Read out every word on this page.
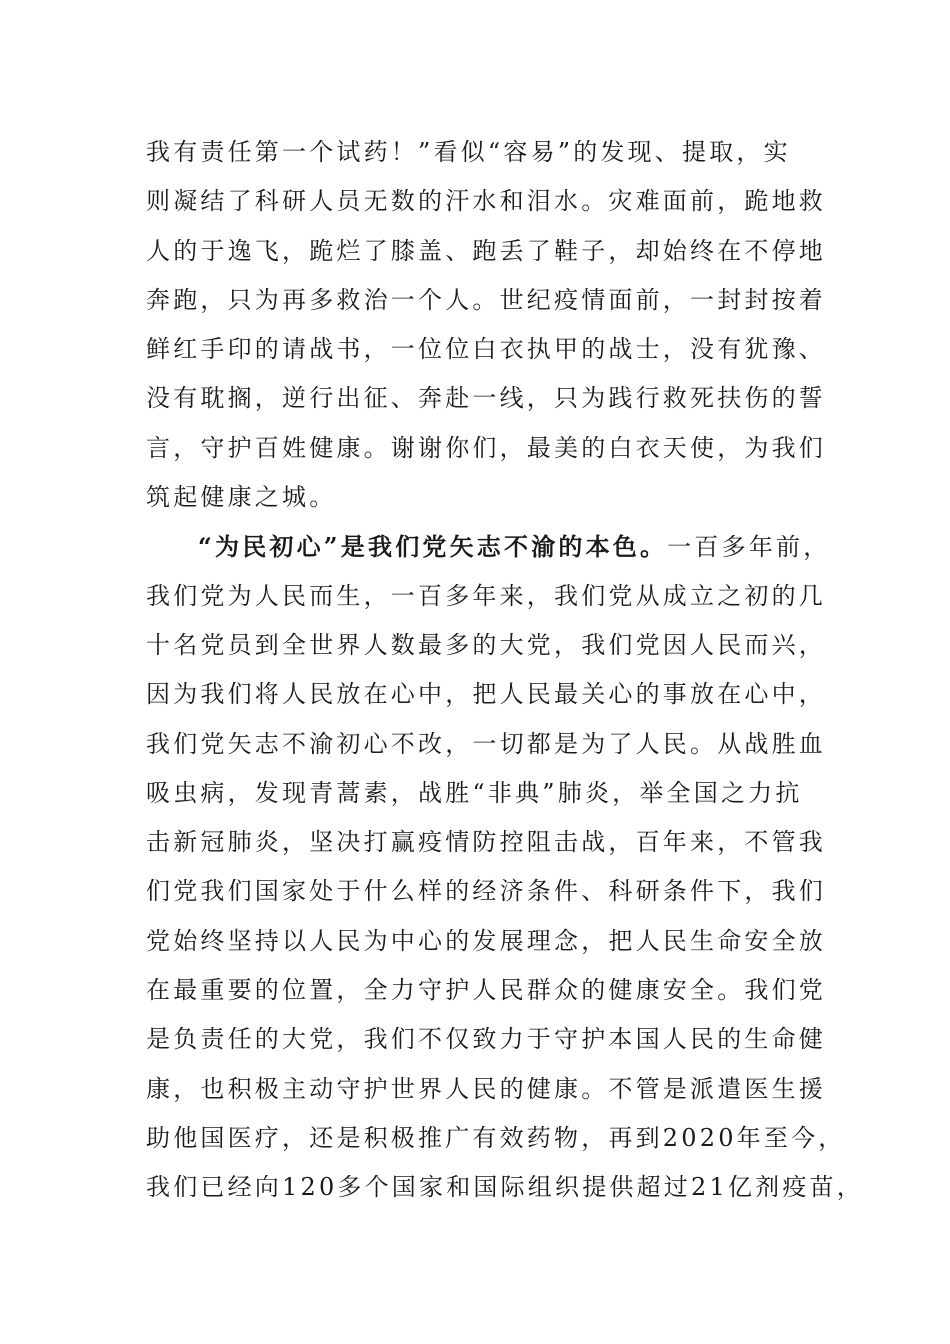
我有责任第一个试药！”看似“容易”的发现、提取，实
则凝结了科研人员无数的汗水和泪水。灾难面前，跪地救
人的于逸飞，跪烂了膝盖、跑丢了鞋子，却始终在不停地
奔跑，只为再多救治一个人。世纪疫情面前，一封封按着
鲜红手印的请战书，一位位白衣执甲的战士，没有犹豫、
没有耽搁，逆行出征、奔赴一线，只为践行救死扶伤的誓
言，守护百姓健康。谢谢你们，最美的白衣天使，为我们
筑起健康之城。
“为民初心”是我们党矢志不渝的本色。一百多年前，
我们党为人民而生，一百多年来，我们党从成立之初的几
十名党员到全世界人数最多的大党，我们党因人民而兴，
因为我们将人民放在心中，把人民最关心的事放在心中，
我们党矢志不渝初心不改，一切都是为了人民。从战胜血
吸虫病，发现青蒿素，战胜“非典”肺炎，举全国之力抗
击新冠肺炎，坚决打赢疫情防控阻击战，百年来，不管我
们党我们国家处于什么样的经济条件、科研条件下，我们
党始终坚持以人民为中心的发展理念，把人民生命安全放
在最重要的位置，全力守护人民群众的健康安全。我们党
是负责任的大党，我们不仅致力于守护本国人民的生命健
康，也积极主动守护世界人民的健康。不管是派遣医生援
助他国医疗，还是积极推广有效药物，再到2020年至今，
我们已经向120多个国家和国际组织提供超过21亿剂疫苗，
